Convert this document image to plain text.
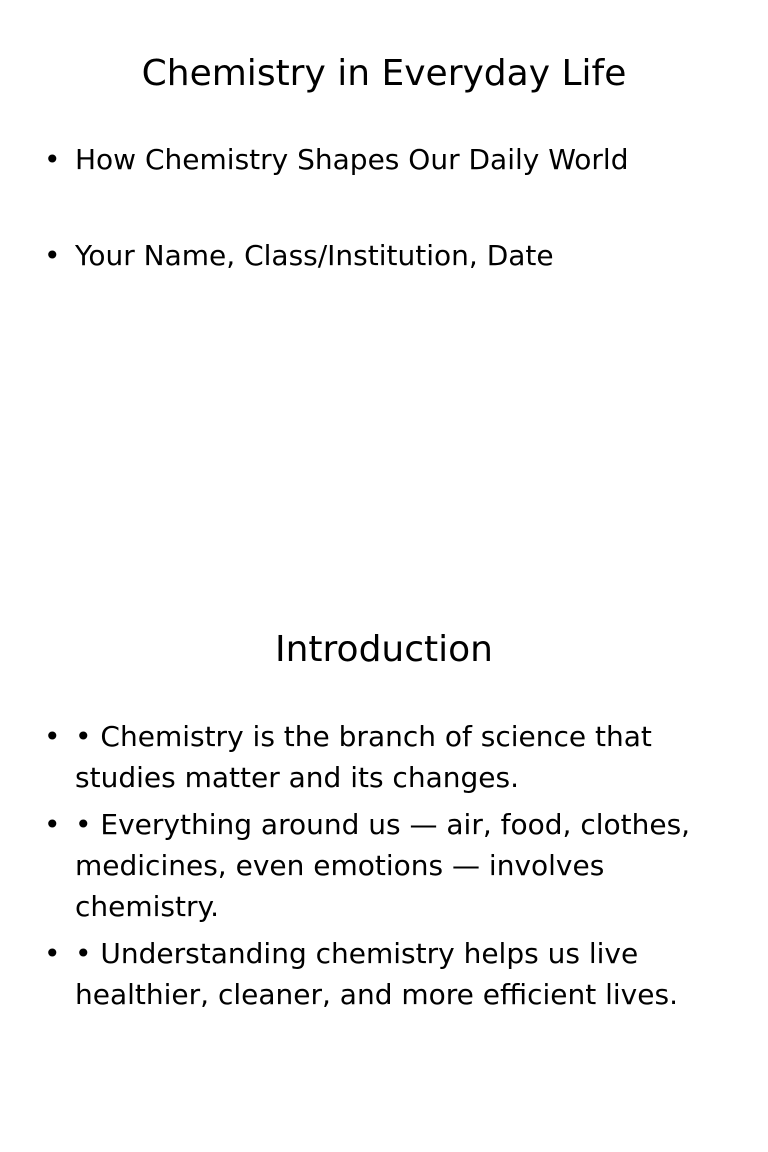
Chemistry in Everyday Life
• How Chemistry Shapes Our Daily World
• Your Name, Class/Institution, Date
Introduction
• • Chemistry is the branch of science that studies matter and its changes.
• • Everything around us — air, food, clothes, medicines, even emotions — involves chemistry.
• • Understanding chemistry helps us live healthier, cleaner, and more efficient lives.
